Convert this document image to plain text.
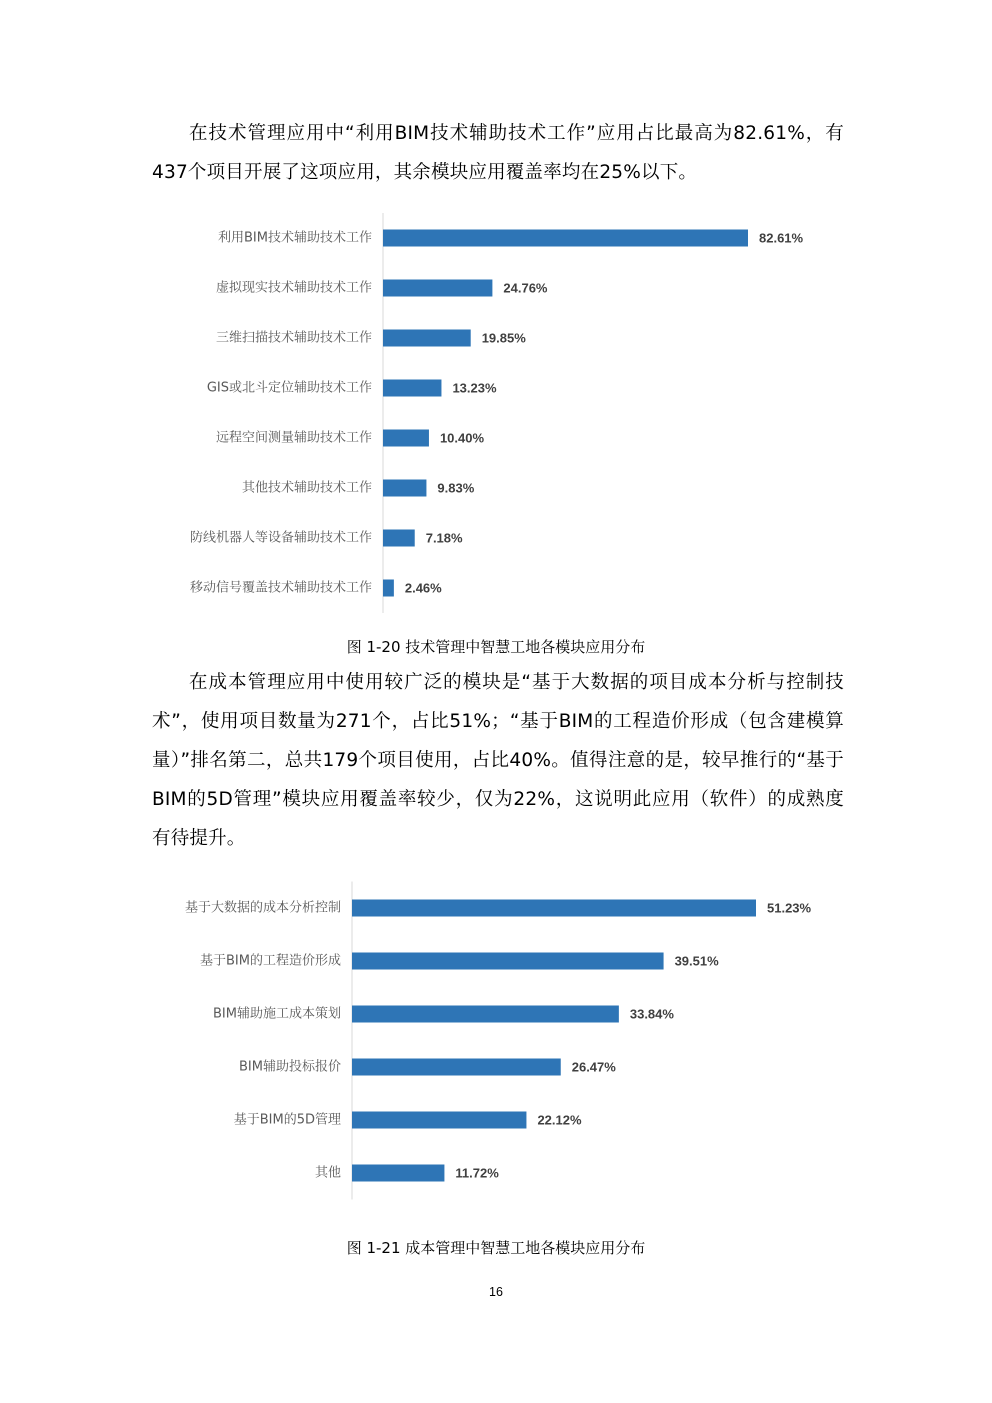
在技术管理应用中“利用BIM技术辅助技术工作”应用占比最高为82.61%，有437个项目开展了这项应用，其余模块应用覆盖率均在25%以下。

利用BIM技术辅助技术工作	82.61%
虚拟现实技术辅助技术工作	24.76%
三维扫描技术辅助技术工作	19.85%
GIS或北斗定位辅助技术工作	13.23%
远程空间测量辅助技术工作	10.40%
其他技术辅助技术工作	9.83%
防线机器人等设备辅助技术工作	7.18%
移动信号覆盖技术辅助技术工作	2.46%
图 1-20 技术管理中智慧工地各模块应用分布

在成本管理应用中使用较广泛的模块是“基于大数据的项目成本分析与控制技术”，使用项目数量为271个，占比51%；“基于BIM的工程造价形成（包含建模算量）”排名第二，总共179个项目使用，占比40%。值得注意的是，较早推行的“基于BIM的5D管理”模块应用覆盖率较少，仅为22%，这说明此应用（软件）的成熟度有待提升。

基于大数据的成本分析控制	51.23%
基于BIM的工程造价形成	39.51%
BIM辅助施工成本策划	33.84%
BIM辅助投标报价	26.47%
基于BIM的5D管理	22.12%
其他	11.72%
图 1-21 成本管理中智慧工地各模块应用分布
16
